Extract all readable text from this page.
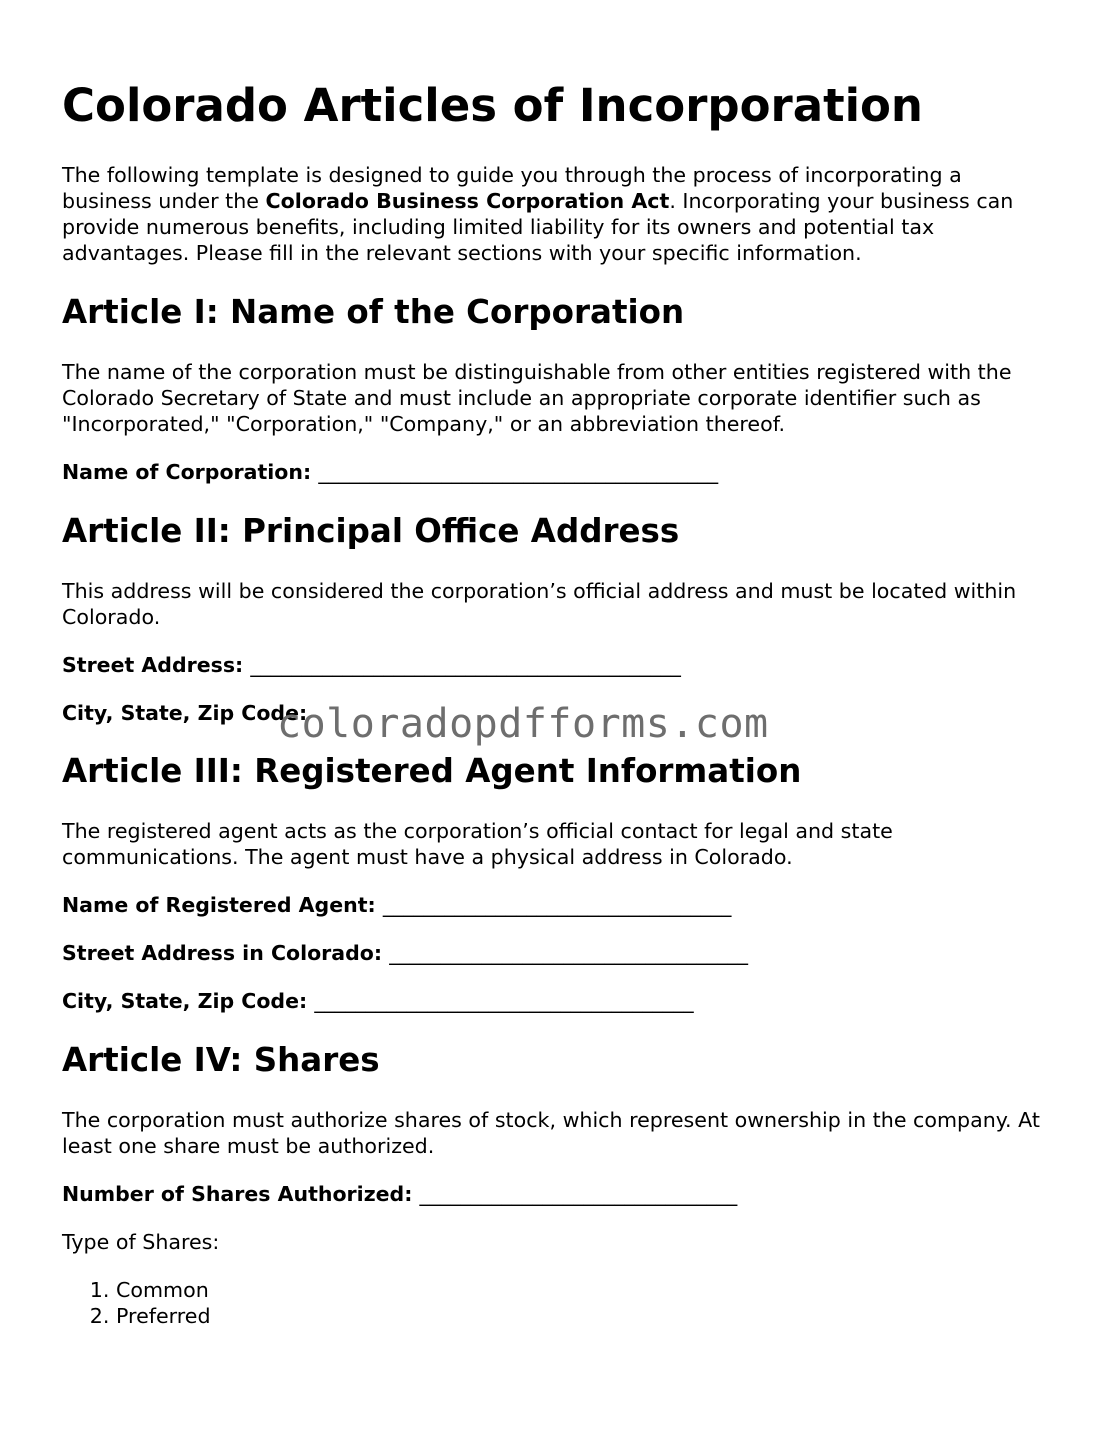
Colorado Articles of Incorporation

The following template is designed to guide you through the process of incorporating a business under the Colorado Business Corporation Act. Incorporating your business can provide numerous benefits, including limited liability for its owners and potential tax advantages. Please fill in the relevant sections with your specific information.

Article I: Name of the Corporation

The name of the corporation must be distinguishable from other entities registered with the Colorado Secretary of State and must include an appropriate corporate identifier such as "Incorporated," "Corporation," "Company," or an abbreviation thereof.

Name of Corporation: _______________________________________
Article II: Principal Office Address

This address will be considered the corporation’s official address and must be located within Colorado.

Street Address: __________________________________________
City, State, Zip Code:
Article III: Registered Agent Information

The registered agent acts as the corporation’s official contact for legal and state communications. The agent must have a physical address in Colorado.

Name of Registered Agent: __________________________________
Street Address in Colorado: ___________________________________
City, State, Zip Code: _____________________________________
Article IV: Shares

The corporation must authorize shares of stock, which represent ownership in the company. At least one share must be authorized.

Number of Shares Authorized: _______________________________

Type of Shares:

1. Common
2. Preferred
coloradopdfforms.com
